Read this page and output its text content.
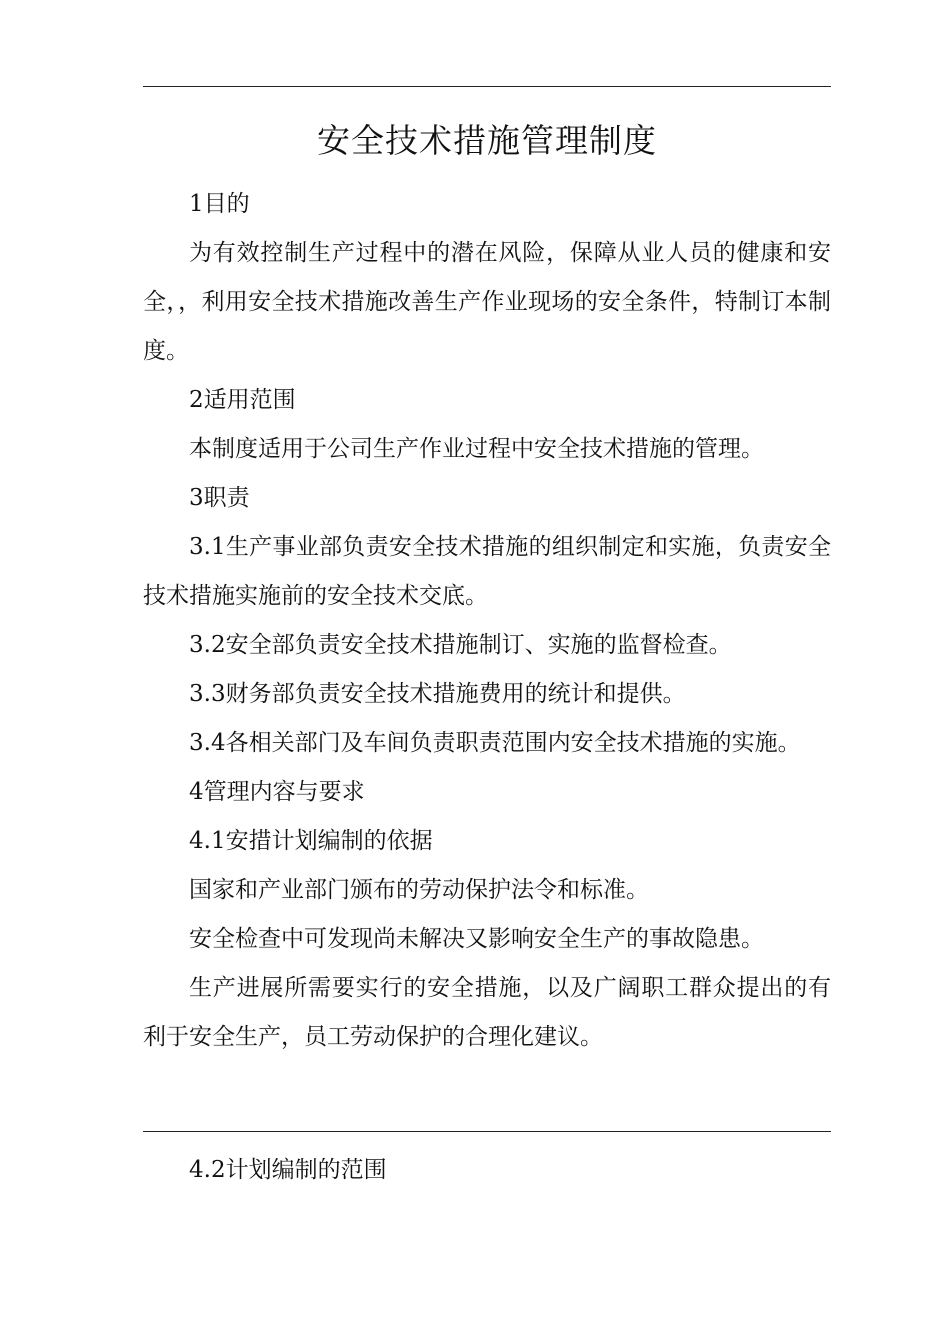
安全技术措施管理制度

1目的

为有效控制生产过程中的潜在风险，保障从业人员的健康和安全，，利用安全技术措施改善生产作业现场的安全条件，特制订本制度。

2适用范围

本制度适用于公司生产作业过程中安全技术措施的管理。

3职责

3.1生产事业部负责安全技术措施的组织制定和实施，负责安全技术措施实施前的安全技术交底。

3.2安全部负责安全技术措施制订、实施的监督检查。

3.3财务部负责安全技术措施费用的统计和提供。

3.4各相关部门及车间负责职责范围内安全技术措施的实施。

4管理内容与要求

4.1安措计划编制的依据

国家和产业部门颁布的劳动保护法令和标准。

安全检查中可发现尚未解决又影响安全生产的事故隐患。

生产进展所需要实行的安全措施，以及广阔职工群众提出的有利于安全生产，员工劳动保护的合理化建议。

4.2计划编制的范围
